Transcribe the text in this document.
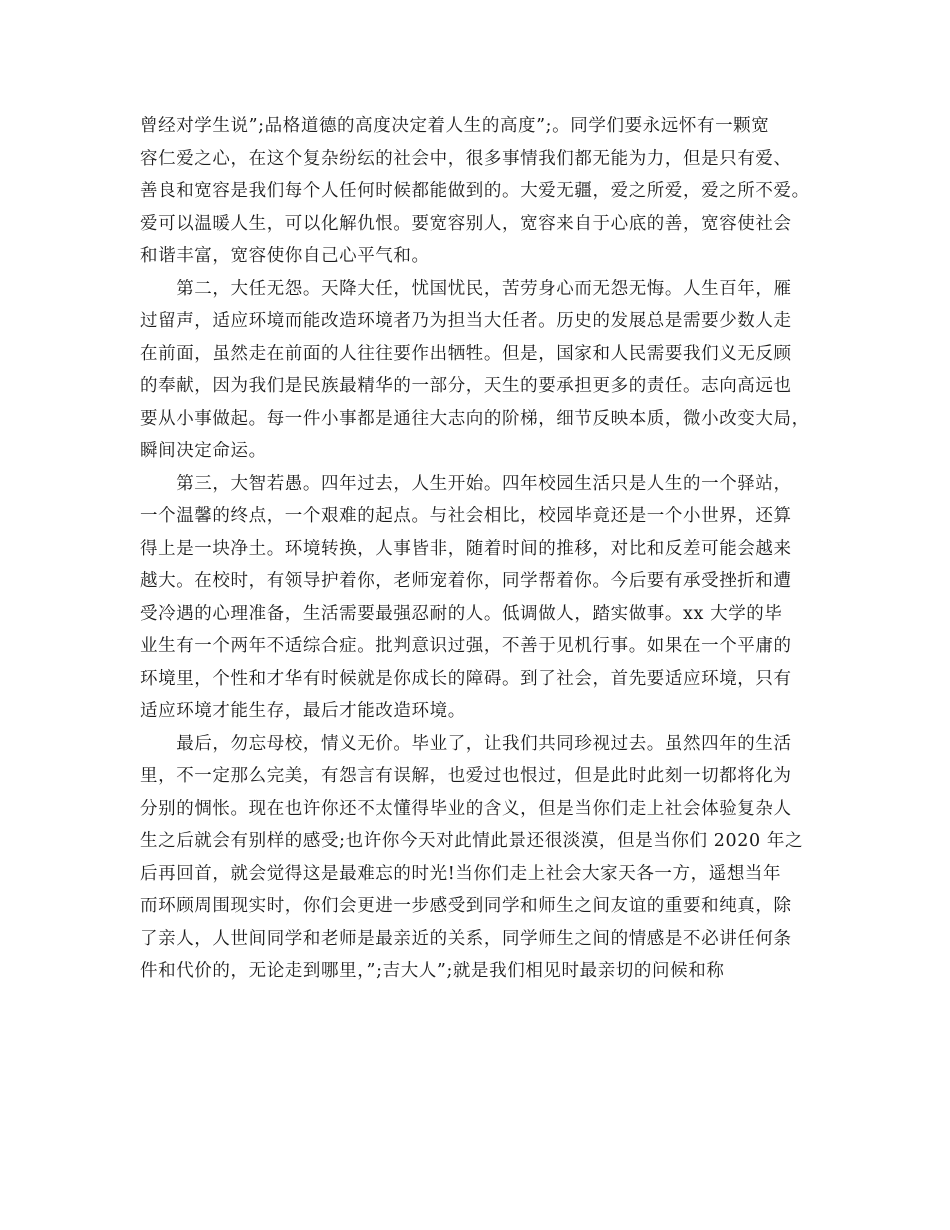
曾经对学生说”;品格道德的高度决定着人生的高度”;。同学们要永远怀有一颗宽
容仁爱之心，在这个复杂纷纭的社会中，很多事情我们都无能为力，但是只有爱、
善良和宽容是我们每个人任何时候都能做到的。大爱无疆，爱之所爱，爱之所不爱。
爱可以温暖人生，可以化解仇恨。要宽容别人，宽容来自于心底的善，宽容使社会
和谐丰富，宽容使你自己心平气和。
　　第二，大任无怨。天降大任，忧国忧民，苦劳身心而无怨无悔。人生百年，雁
过留声，适应环境而能改造环境者乃为担当大任者。历史的发展总是需要少数人走
在前面，虽然走在前面的人往往要作出牺牲。但是，国家和人民需要我们义无反顾
的奉献，因为我们是民族最精华的一部分，天生的要承担更多的责任。志向高远也
要从小事做起。每一件小事都是通往大志向的阶梯，细节反映本质，微小改变大局，
瞬间决定命运。
　　第三，大智若愚。四年过去，人生开始。四年校园生活只是人生的一个驿站，
一个温馨的终点，一个艰难的起点。与社会相比，校园毕竟还是一个小世界，还算
得上是一块净土。环境转换，人事皆非，随着时间的推移，对比和反差可能会越来
越大。在校时，有领导护着你，老师宠着你，同学帮着你。今后要有承受挫折和遭
受冷遇的心理准备，生活需要最强忍耐的人。低调做人，踏实做事。xx 大学的毕
业生有一个两年不适综合症。批判意识过强，不善于见机行事。如果在一个平庸的
环境里，个性和才华有时候就是你成长的障碍。到了社会，首先要适应环境，只有
适应环境才能生存，最后才能改造环境。
　　最后，勿忘母校，情义无价。毕业了，让我们共同珍视过去。虽然四年的生活
里，不一定那么完美，有怨言有误解，也爱过也恨过，但是此时此刻一切都将化为
分别的惆怅。现在也许你还不太懂得毕业的含义，但是当你们走上社会体验复杂人
生之后就会有别样的感受;也许你今天对此情此景还很淡漠，但是当你们 2020 年之
后再回首，就会觉得这是最难忘的时光!当你们走上社会大家天各一方，遥想当年
而环顾周围现实时，你们会更进一步感受到同学和师生之间友谊的重要和纯真，除
了亲人，人世间同学和老师是最亲近的关系，同学师生之间的情感是不必讲任何条
件和代价的，无论走到哪里，”;吉大人”;就是我们相见时最亲切的问候和称
